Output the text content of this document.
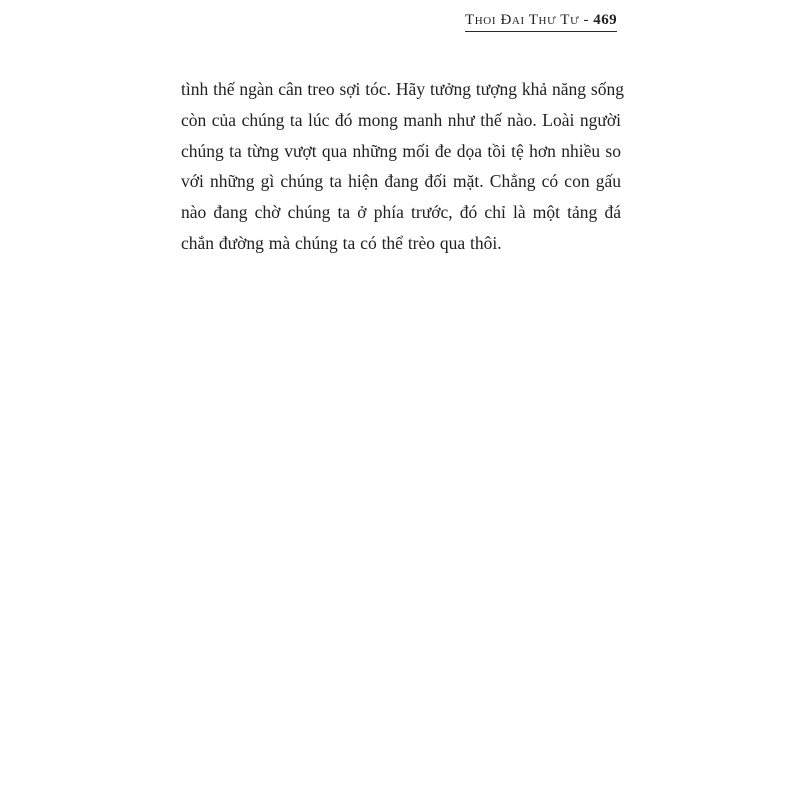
Thoi Đai Thư Tư - 469

tình thế ngàn cân treo sợi tóc. Hãy tưởng tượng khả năng sống
còn của chúng ta lúc đó mong manh như thế nào. Loài người
chúng ta từng vượt qua những mối đe dọa tồi tệ hơn nhiều so
với những gì chúng ta hiện đang đối mặt. Chẳng có con gấu
nào đang chờ chúng ta ở phía trước, đó chỉ là một tảng đá
chắn đường mà chúng ta có thể trèo qua thôi.
